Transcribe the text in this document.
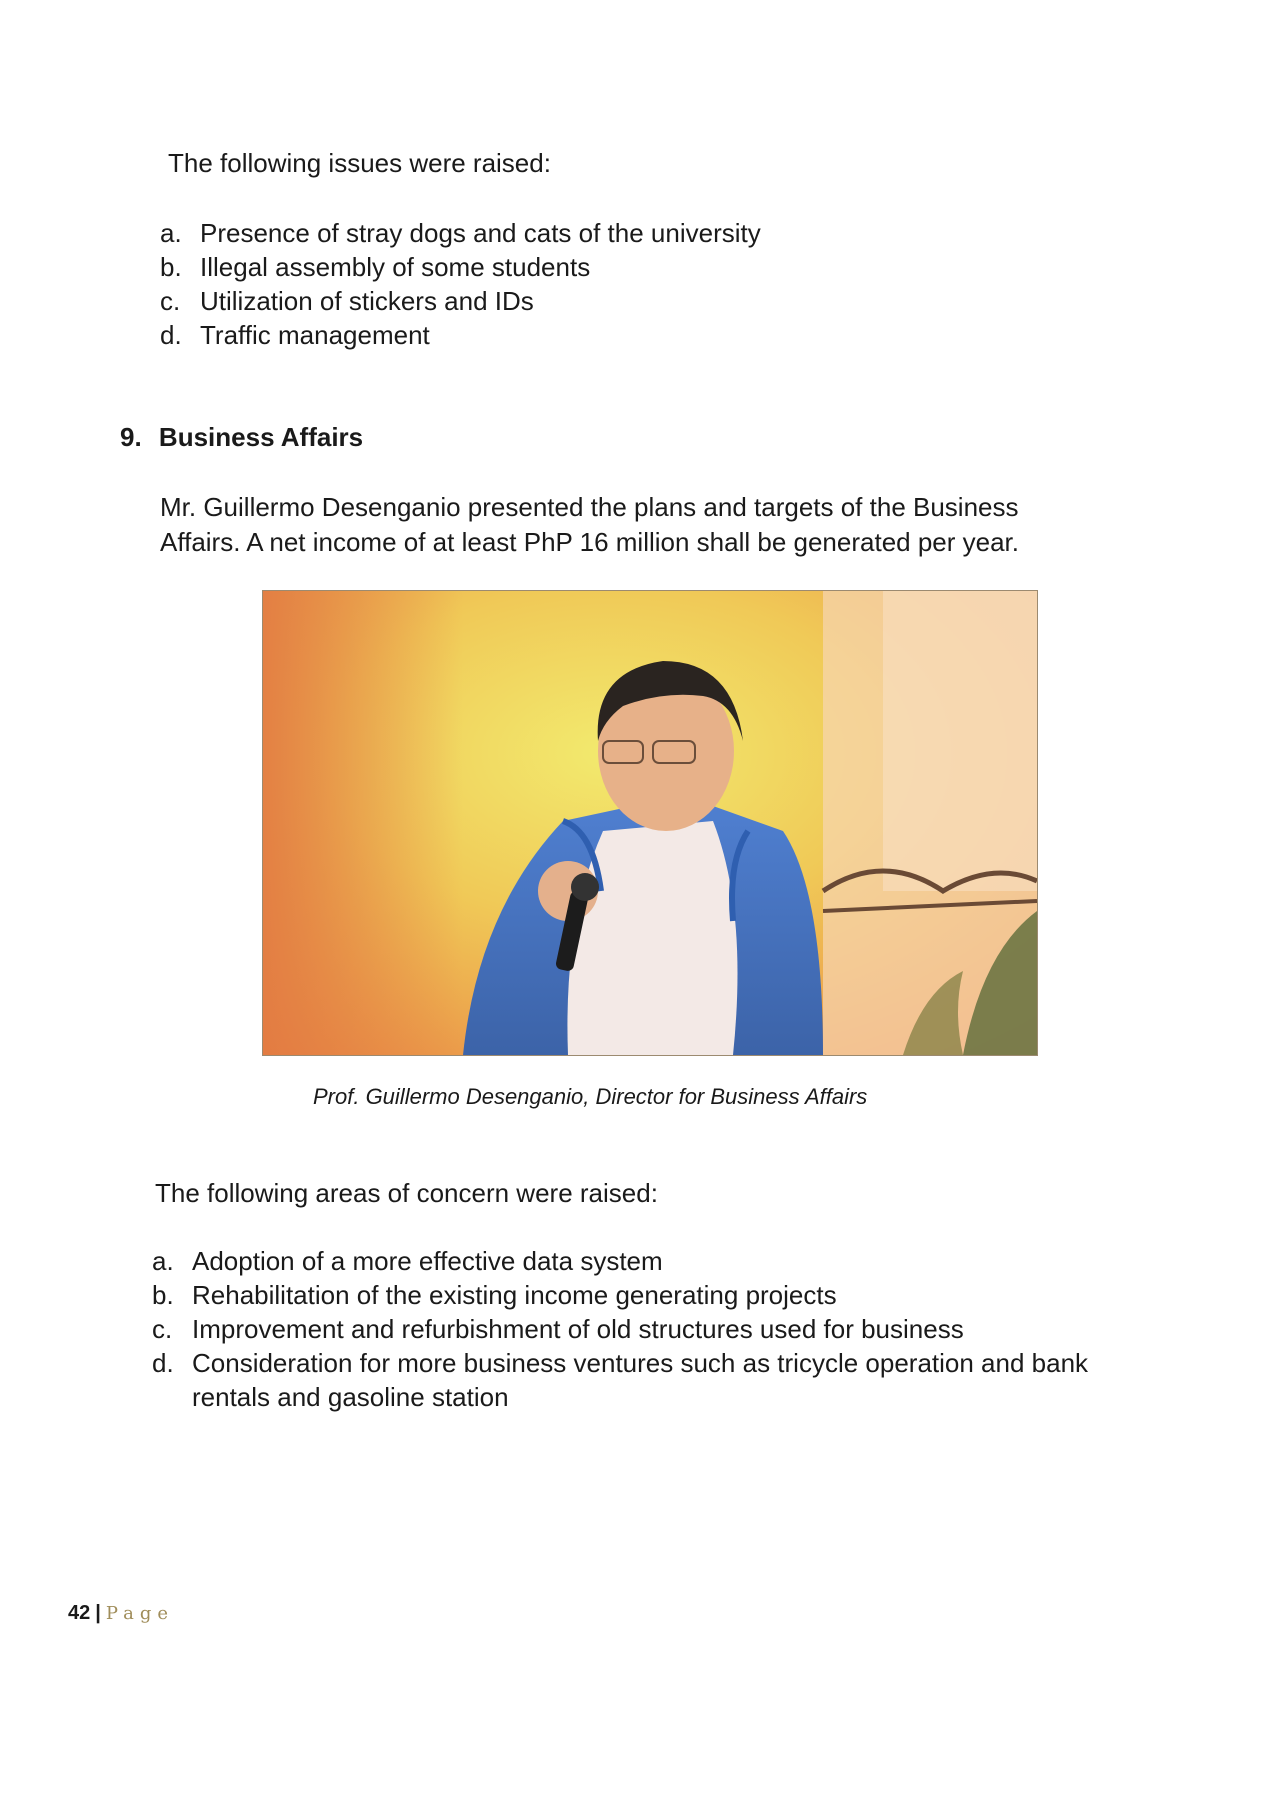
The following issues were raised:
a. Presence of stray dogs and cats of the university
b. Illegal assembly of some students
c. Utilization of stickers and IDs
d. Traffic management
9. Business Affairs
Mr. Guillermo Desenganio presented the plans and targets of the Business Affairs. A net income of at least PhP 16 million shall be generated per year.
Prof. Guillermo Desenganio, Director for Business Affairs
The following areas of concern were raised:
a. Adoption of a more effective data system
b. Rehabilitation of the existing income generating projects
c. Improvement and refurbishment of old structures used for business
d. Consideration for more business ventures such as tricycle operation and bank rentals and gasoline station
42 | Page
